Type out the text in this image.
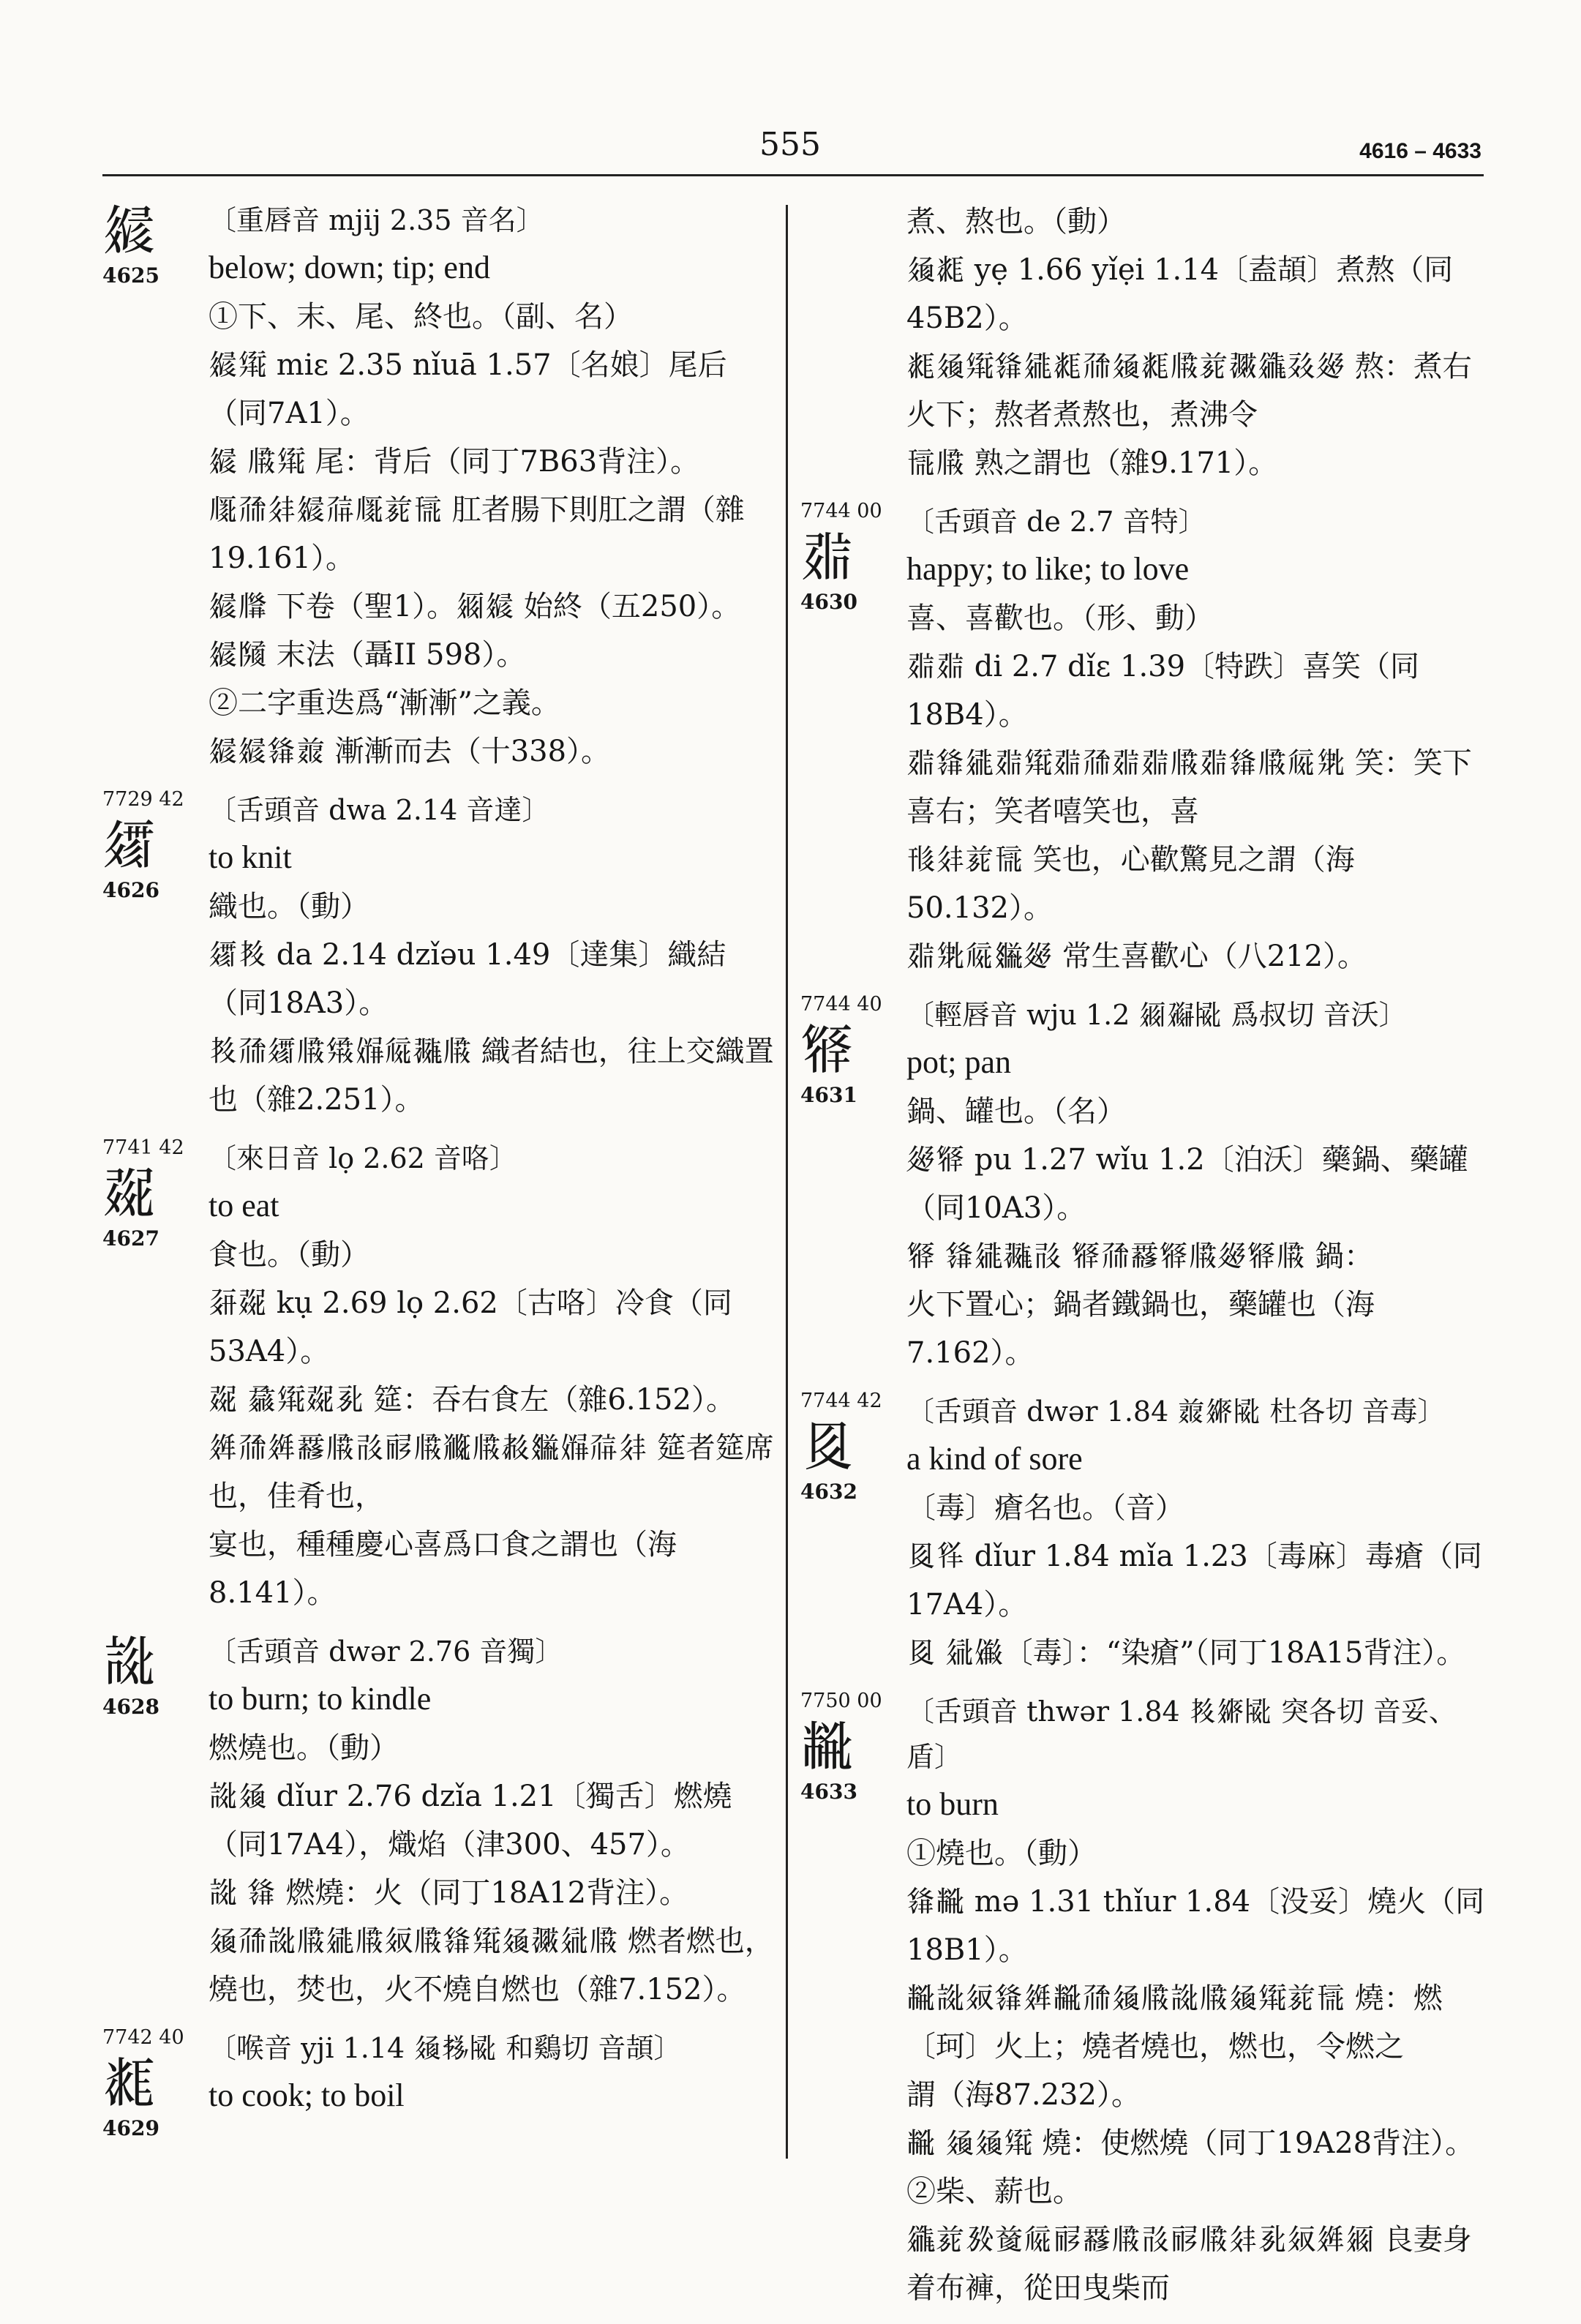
555	4616 – 4633
𗧠
4625
〔重唇音 mjij 2.35 音名〕
below; down; tip; end
①下、末、尾、終也。（副、名）
𗧠𗋕 miɛ 2.35 nǐuā 1.57〔名娘〕尾后（同7A1）。
𗧠 𗆗𗋕 尾：背后（同丁7B63背注）。
𗅲𗗙𗢳𗧠𗗚𗅲𗐱𗍅 肛者腸下則肛之謂（雜19.161）。
𗧠𗆄 下卷（聖1）。𗥃𗧠 始終（五250）。
𗧠𗂧 末法（聶II 598）。
②二字重迭爲“漸漸”之義。
𗧠𗧠𗌭𗓱 漸漸而去（十338）。
7729 42
𗨻
4626
〔舌頭音 dwa 2.14 音達〕
to knit
織也。（動）
𗨻𗗥 da 2.14 dzǐəu 1.49〔達集〕織結（同18A3）。
𗗥𗗙𗨻𗆗𗋽𗏵𗏁𗖵𗆗 織者結也，往上交織置也（雜2.251）。
7741 42
𘅞
4627
〔來日音 lọ 2.62 音咯〕
to eat
食也。（動）
𗳜𘅞 kụ 2.69 lọ 2.62〔古咯〕冷食（同53A4）。
𘅞 𗲠𗋕𘅞𗎘 筵：吞右食左（雜6.152）。
𗤶𗗙𗤶𗵒𗆗𗰓𗟲𗆗𗮒𗆗𗳒𗿳𗏵𗗚𗢳 筵者筵席也，佳肴也，
宴也，種種慶心喜爲口食之謂也（海8.141）。
𘀍
4628
〔舌頭音 dwər 2.76 音獨〕
to burn; to kindle
燃燒也。（動）
𘀍𗥺 dǐur 2.76 dzǐa 1.21〔獨舌〕燃燒（同17A4），熾焰（津300、457）。
𘀍 𗌭 燃燒：火（同丁18A12背注）。
𗥺𗗙𘀍𗆗𗧓𗆗𗢸𗆗𗌭𗋕𗥺𗗂𗣼𗆗 燃者燃也，燒也，焚也，火不燒自燃也（雜7.152）。
7742 40
𘂩
4629
〔喉音 yji 1.14 𗥺𗈪𗎫 和鷄切 音頡〕
to cook; to boil
煮、熬也。（動）
𗥺𘂩 yẹ 1.66 yǐẹi 1.14〔盍頡〕煮熬（同45B2）。
𘂩𗥺𗋕𗌭𗧓𘂩𗗙𗥺𘂩𗆗𗐱𗗂𗪟𗡮𗫸 熬：煮右火下；熬者煮熬也，煮沸令
𗍅𗆗 熟之謂也（雜9.171）。
7744 00
𘄽
4630
〔舌頭音 de 2.7 音特〕
happy; to like; to love
喜、喜歡也。（形、動）
𘄽𘄽 di 2.7 dǐɛ 1.39〔特跌〕喜笑（同18B4）。
𘄽𗌭𗧓𘄽𗋕𘄽𗗙𘄽𘄽𗆗𘄽𗌭𗆗𗏁𗊢 笑：笑下喜右；笑者嘻笑也，喜
𗌹𗢳𗐱𗍅 笑也，心歡驚見之謂（海50.132）。
𘄽𗊢𗏁𗿳𗫸 常生喜歡心（八212）。
7744 40
𘈈
4631
〔輕唇音 wju 1.2 𗥃𗘅𗎫 爲叔切 音沃〕
pot; pan
鍋、罐也。（名）
𗫸𘈈 pu 1.27 wǐu 1.2〔泊沃〕藥鍋、藥罐（同10A3）。
𘈈 𗌭𗧓𗖵𗰓 𘈈𗗙𗵒𘈈𗆗𗫸𘈈𗆗 鍋：
火下置心；鍋者鐵鍋也，藥罐也（海7.162）。
7744 42
𘉋
4632
〔舌頭音 dwər 1.84 𗓱𗦀𗎫 杜各切 音毒〕
a kind of sore
〔毒〕瘡名也。（音）
𘉋𗃛 dǐur 1.84 mǐa 1.23〔毒麻〕毒瘡（同17A4）。
𘉋 𗣼𗏹〔毒〕：“染瘡”（同丁18A15背注）。
7750 00
𘋢
4633
〔舌頭音 thwər 1.84 𗗥𗦀𗎫 突各切 音妥、盾〕
to burn
①燒也。（動）
𗌭𘋢 mə 1.31 thǐur 1.84〔没妥〕燒火（同18B1）。
𘋢𘀍𗢸𗌭𗤶𘋢𗗙𗥺𗆗𘀍𗆗𗥺𗋕𗐱𗍅 燒：燃〔珂〕火上；燒者燒也，燃也，令燃之
謂（海87.232）。
𘋢 𗥺𗥺𗋕 燒：使燃燒（同丁19A28背注）。
②柴、薪也。
𗪟𗐱𗉔𗒹𗏁𗟲𗵒𗆗𗰓𗟲𗆗𗢳𗎘𗢸𗤶𗥃 良妻身着布褲，從田曳柴而
